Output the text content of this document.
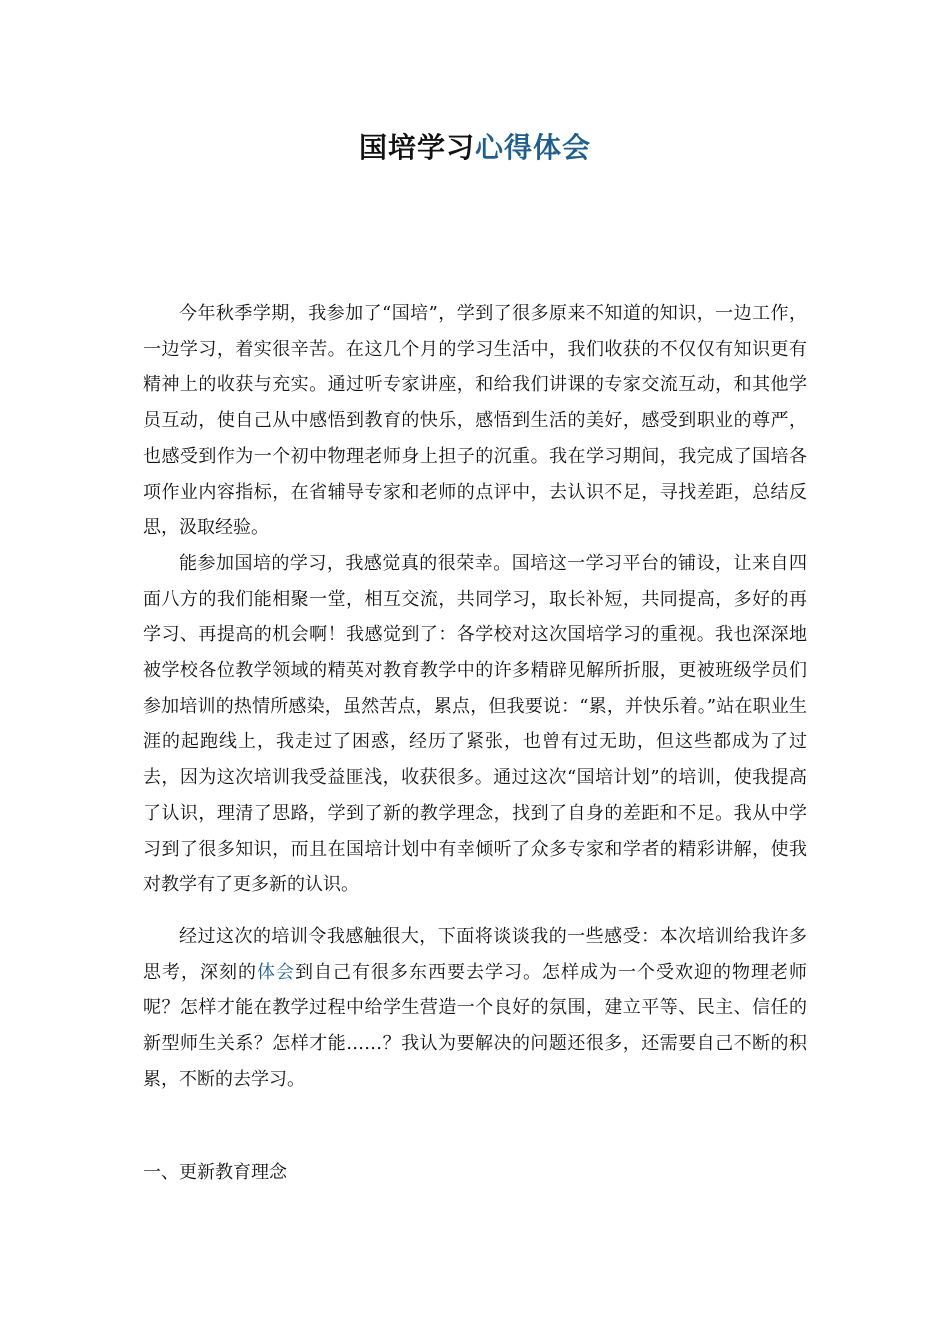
国培学习心得体会

今年秋季学期，我参加了“国培”，学到了很多原来不知道的知识，一边工作，一边学习，着实很辛苦。在这几个月的学习生活中，我们收获的不仅仅有知识更有精神上的收获与充实。通过听专家讲座，和给我们讲课的专家交流互动，和其他学员互动，使自己从中感悟到教育的快乐，感悟到生活的美好，感受到职业的尊严，也感受到作为一个初中物理老师身上担子的沉重。我在学习期间，我完成了国培各项作业内容指标，在省辅导专家和老师的点评中，去认识不足，寻找差距，总结反思，汲取经验。

能参加国培的学习，我感觉真的很荣幸。国培这一学习平台的铺设，让来自四面八方的我们能相聚一堂，相互交流，共同学习，取长补短，共同提高，多好的再学习、再提高的机会啊！我感觉到了：各学校对这次国培学习的重视。我也深深地被学校各位教学领域的精英对教育教学中的许多精辟见解所折服，更被班级学员们参加培训的热情所感染，虽然苦点，累点，但我要说：“累，并快乐着。”站在职业生涯的起跑线上，我走过了困惑，经历了紧张，也曾有过无助，但这些都成为了过去，因为这次培训我受益匪浅，收获很多。通过这次“国培计划”的培训，使我提高了认识，理清了思路，学到了新的教学理念，找到了自身的差距和不足。我从中学习到了很多知识，而且在国培计划中有幸倾听了众多专家和学者的精彩讲解，使我对教学有了更多新的认识。

经过这次的培训令我感触很大，下面将谈谈我的一些感受：本次培训给我许多思考，深刻的体会到自己有很多东西要去学习。怎样成为一个受欢迎的物理老师呢？怎样才能在教学过程中给学生营造一个良好的氛围，建立平等、民主、信任的新型师生关系？怎样才能……？我认为要解决的问题还很多，还需要自己不断的积累，不断的去学习。

一、更新教育理念
